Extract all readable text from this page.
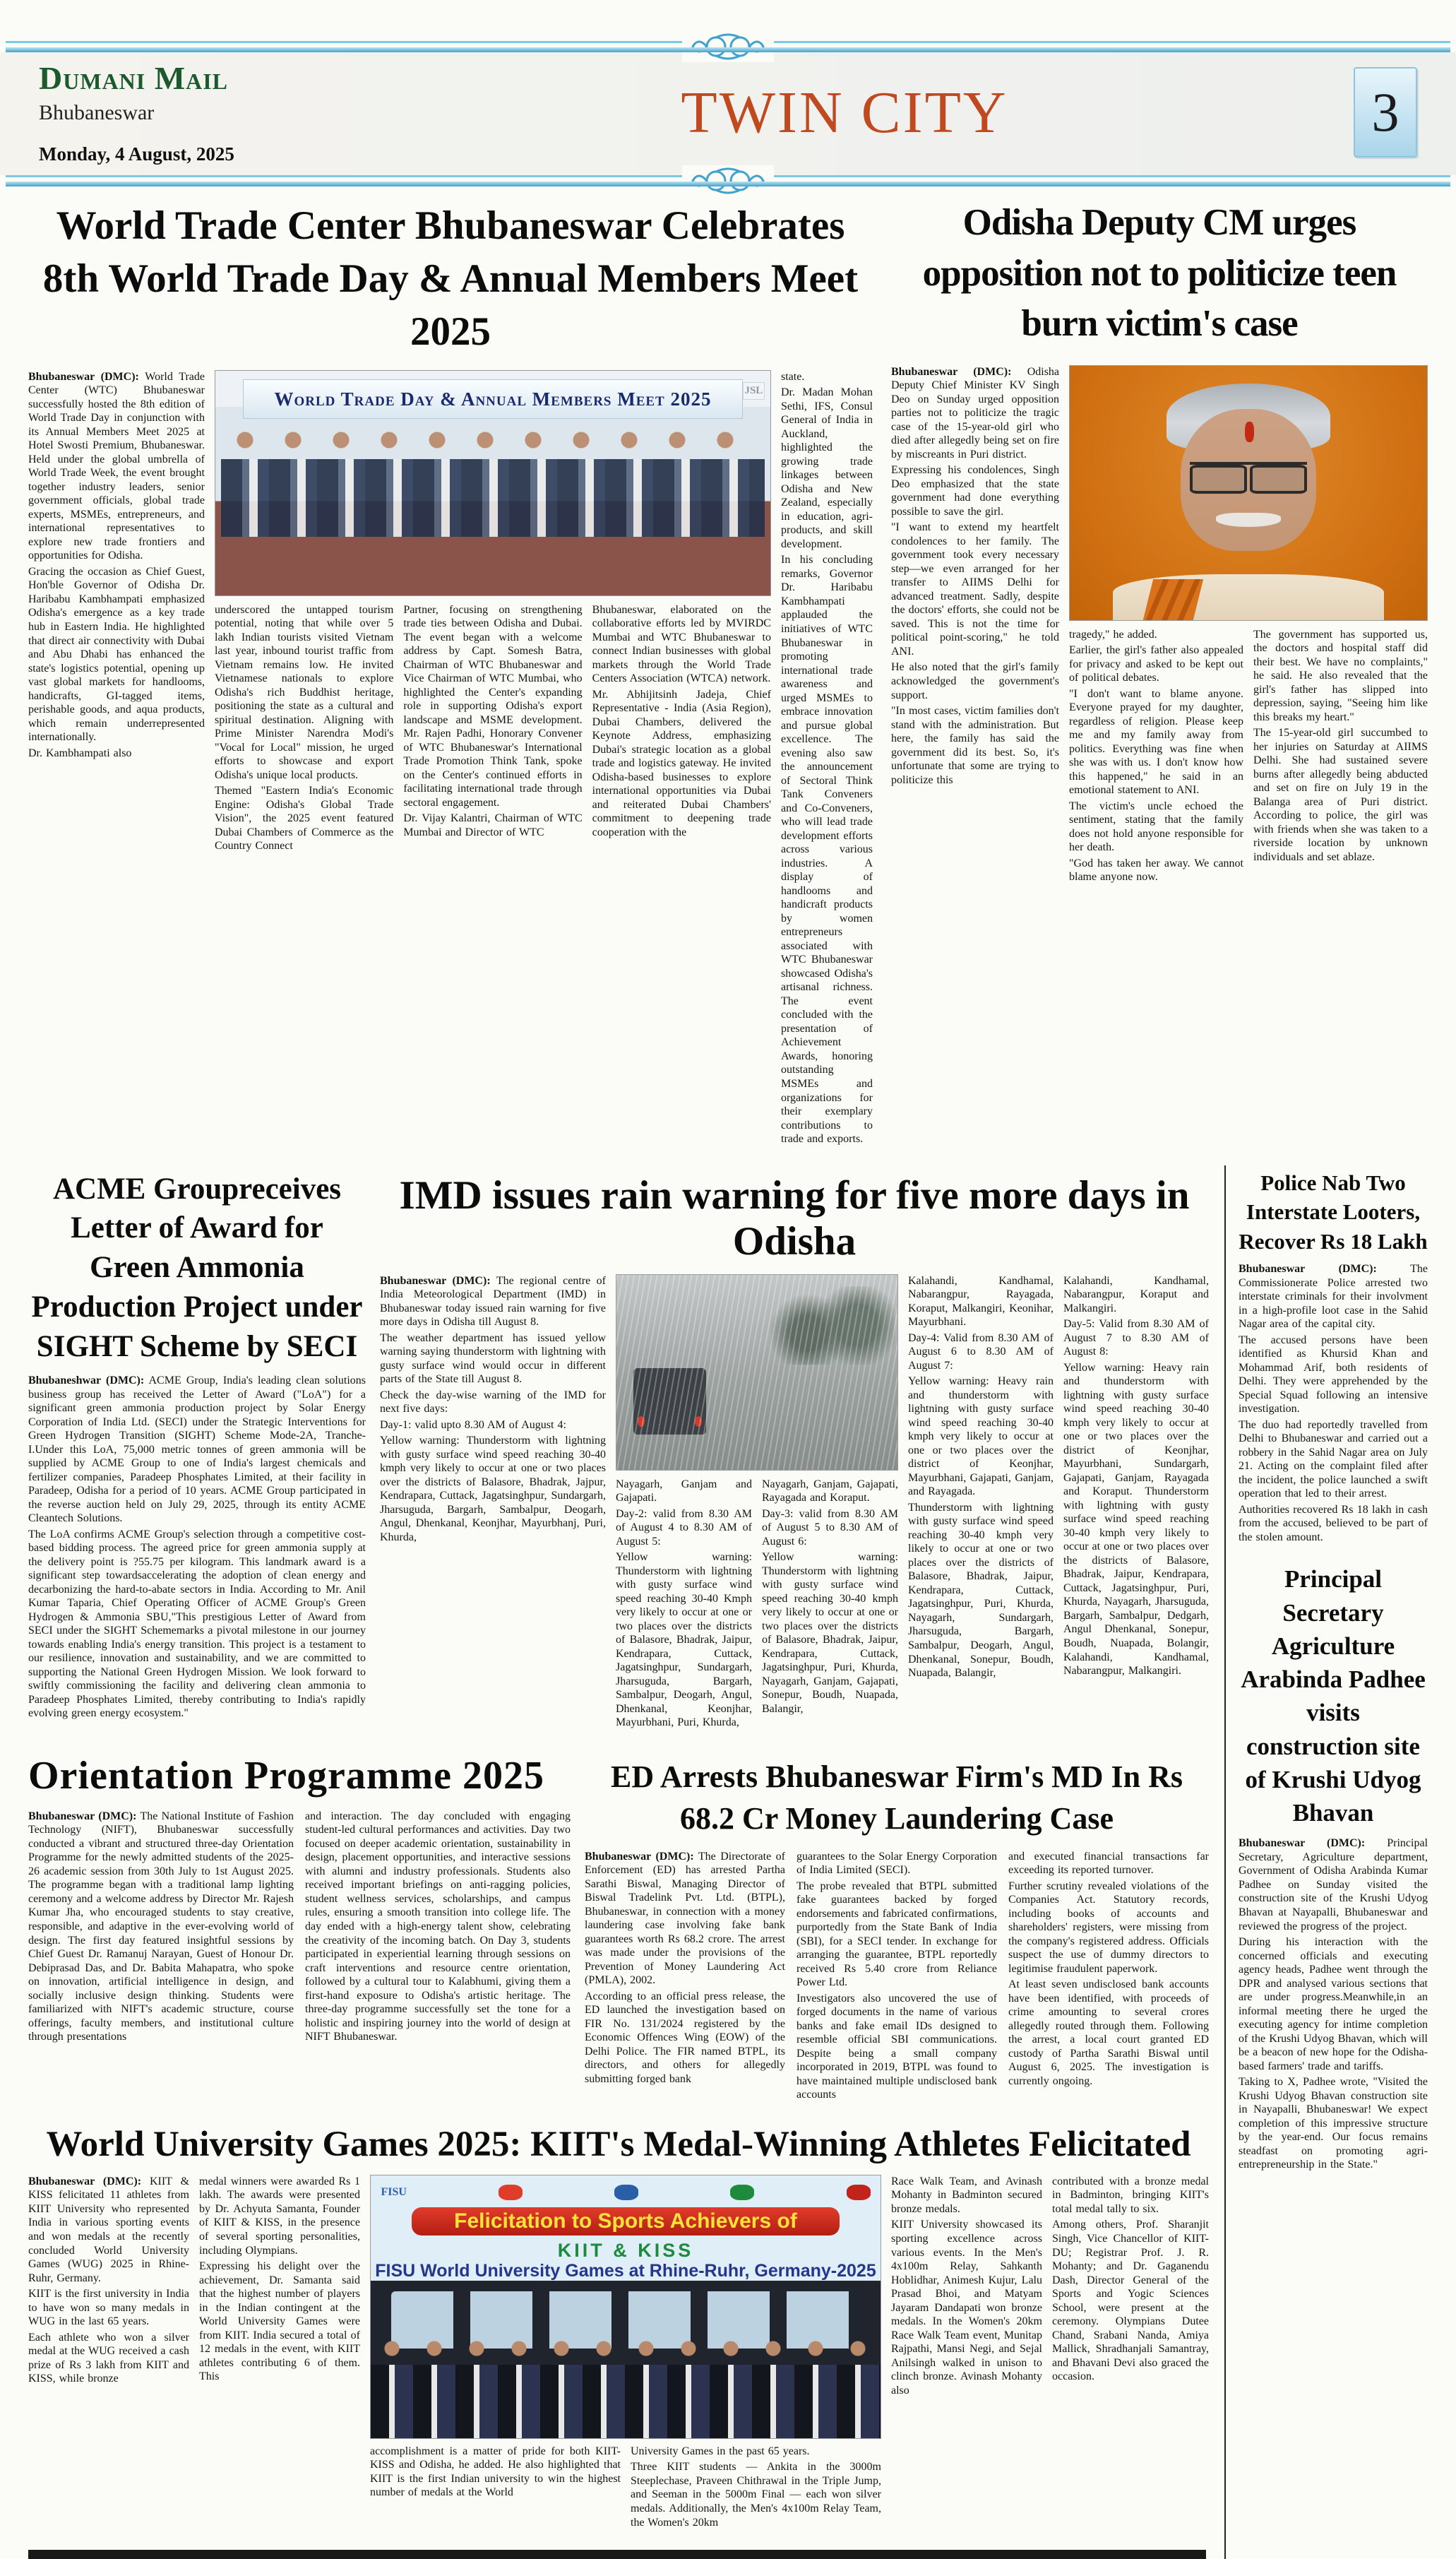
Dumani Mail
Bhubaneswar
Monday, 4 August, 2025
TWIN CITY	3
World Trade Center Bhubaneswar Celebrates 8th World Trade Day & Annual Members Meet 2025

Bhubaneswar (DMC): World Trade Center (WTC) Bhubaneswar successfully hosted the 8th edition of World Trade Day in conjunction with its Annual Members Meet 2025 at Hotel Swosti Premium, Bhubaneswar. Held under the global umbrella of World Trade Week, the event brought together industry leaders, senior government officials, global trade experts, MSMEs, entrepreneurs, and international representatives to explore new trade frontiers and opportunities for Odisha.

Gracing the occasion as Chief Guest, Hon'ble Governor of Odisha Dr. Haribabu Kambhampati emphasized Odisha's emergence as a key trade hub in Eastern India. He highlighted that direct air connectivity with Dubai and Abu Dhabi has enhanced the state's logistics potential, opening up vast global markets for handlooms, handicrafts, GI-tagged items, perishable goods, and aqua products, which remain underrepresented internationally.

Dr. Kambhampati also

World Trade Day & Annual Members Meet 2025	JSL

underscored the untapped tourism potential, noting that while over 5 lakh Indian tourists visited Vietnam last year, inbound tourist traffic from Vietnam remains low. He invited Vietnamese nationals to explore Odisha's rich Buddhist heritage, positioning the state as a cultural and spiritual destination. Aligning with Prime Minister Narendra Modi's "Vocal for Local" mission, he urged efforts to showcase and export Odisha's unique local products.

Themed "Eastern India's Economic Engine: Odisha's Global Trade Vision", the 2025 event featured Dubai Chambers of Commerce as the Country Connect

Partner, focusing on strengthening trade ties between Odisha and Dubai. The event began with a welcome address by Capt. Somesh Batra, Chairman of WTC Bhubaneswar and Vice Chairman of WTC Mumbai, who highlighted the Center's expanding role in supporting Odisha's export landscape and MSME development. Mr. Rajen Padhi, Honorary Convener of WTC Bhubaneswar's International Trade Promotion Think Tank, spoke on the Center's continued efforts in facilitating international trade through sectoral engagement.

Dr. Vijay Kalantri, Chairman of WTC Mumbai and Director of WTC

Bhubaneswar, elaborated on the collaborative efforts led by MVIRDC Mumbai and WTC Bhubaneswar to connect Indian businesses with global markets through the World Trade Centers Association (WTCA) network.

Mr. Abhijitsinh Jadeja, Chief Representative - India (Asia Region), Dubai Chambers, delivered the Keynote Address, emphasizing Dubai's strategic location as a global trade and logistics gateway. He invited Odisha-based businesses to explore international opportunities via Dubai and reiterated Dubai Chambers' commitment to deepening trade cooperation with the

state.

Dr. Madan Mohan Sethi, IFS, Consul General of India in Auckland, highlighted the growing trade linkages between Odisha and New Zealand, especially in education, agri-products, and skill development.

In his concluding remarks, Governor Dr. Haribabu Kambhampati applauded the initiatives of WTC Bhubaneswar in promoting international trade awareness and urged MSMEs to embrace innovation and pursue global excellence. The evening also saw the announcement of Sectoral Think Tank Conveners and Co-Conveners, who will lead trade development efforts across various industries. A display of handlooms and handicraft products by women entrepreneurs associated with WTC Bhubaneswar showcased Odisha's artisanal richness. The event concluded with the presentation of Achievement Awards, honoring outstanding MSMEs and organizations for their exemplary contributions to trade and exports.

Odisha Deputy CM urges opposition not to politicize teen burn victim's case

Bhubaneswar (DMC): Odisha Deputy Chief Minister KV Singh Deo on Sunday urged opposition parties not to politicize the tragic case of the 15-year-old girl who died after allegedly being set on fire by miscreants in Puri district.

Expressing his condolences, Singh Deo emphasized that the state government had done everything possible to save the girl.

"I want to extend my heartfelt condolences to her family. The government took every necessary step—we even arranged for her transfer to AIIMS Delhi for advanced treatment. Sadly, despite the doctors' efforts, she could not be saved. This is not the time for political point-scoring," he told ANI.

He also noted that the girl's family acknowledged the government's support.

"In most cases, victim families don't stand with the administration. But here, the family has said the government did its best. So, it's unfortunate that some are trying to politicize this

tragedy," he added.

Earlier, the girl's father also appealed for privacy and asked to be kept out of political debates.

"I don't want to blame anyone. Everyone prayed for my daughter, regardless of religion. Please keep me and my family away from politics. Everything was fine when she was with us. I don't know how this happened," he said in an emotional statement to ANI.

The victim's uncle echoed the sentiment, stating that the family does not hold anyone responsible for her death.

"God has taken her away. We cannot blame anyone now.

The government has supported us, the doctors and hospital staff did their best. We have no complaints," he said. He also revealed that the girl's father has slipped into depression, saying, "Seeing him like this breaks my heart."

The 15-year-old girl succumbed to her injuries on Saturday at AIIMS Delhi. She had sustained severe burns after allegedly being abducted and set on fire on July 19 in the Balanga area of Puri district. According to police, the girl was with friends when she was taken to a riverside location by unknown individuals and set ablaze.

ACME Groupreceives Letter of Award for Green Ammonia Production Project under SIGHT Scheme by SECI

Bhubaneshwar (DMC): ACME Group, India's leading clean solutions business group has received the Letter of Award ("LoA") for a significant green ammonia production project by Solar Energy Corporation of India Ltd. (SECI) under the Strategic Interventions for Green Hydrogen Transition (SIGHT) Scheme Mode-2A, Tranche-I.Under this LoA, 75,000 metric tonnes of green ammonia will be supplied by ACME Group to one of India's largest chemicals and fertilizer companies, Paradeep Phosphates Limited, at their facility in Paradeep, Odisha for a period of 10 years. ACME Group participated in the reverse auction held on July 29, 2025, through its entity ACME Cleantech Solutions.

The LoA confirms ACME Group's selection through a competitive cost-based bidding process. The agreed price for green ammonia supply at the delivery point is ?55.75 per kilogram. This landmark award is a significant step towardsaccelerating the adoption of clean energy and decarbonizing the hard-to-abate sectors in India. According to Mr. Anil Kumar Taparia, Chief Operating Officer of ACME Group's Green Hydrogen & Ammonia SBU,"This prestigious Letter of Award from SECI under the SIGHT Schememarks a pivotal milestone in our journey towards enabling India's energy transition. This project is a testament to our resilience, innovation and sustainability, and we are committed to supporting the National Green Hydrogen Mission. We look forward to swiftly commissioning the facility and delivering clean ammonia to Paradeep Phosphates Limited, thereby contributing to India's rapidly evolving green energy ecosystem."

IMD issues rain warning for five more days in Odisha

Bhubaneswar (DMC): The regional centre of India Meteorological Department (IMD) in Bhubaneswar today issued rain warning for five more days in Odisha till August 8.

The weather department has issued yellow warning saying thunderstorm with lightning with gusty surface wind would occur in different parts of the State till August 8.

Check the day-wise warning of the IMD for next five days:

Day-1: valid upto 8.30 AM of August 4:

Yellow warning: Thunderstorm with lightning with gusty surface wind speed reaching 30-40 kmph very likely to occur at one or two places over the districts of Balasore, Bhadrak, Jajpur, Kendrapara, Cuttack, Jagatsinghpur, Sundargarh, Jharsuguda, Bargarh, Sambalpur, Deogarh, Angul, Dhenkanal, Keonjhar, Mayurbhanj, Puri, Khurda,

Nayagarh, Ganjam and Gajapati.

Day-2: valid from 8.30 AM of August 4 to 8.30 AM of August 5:

Yellow warning: Thunderstorm with lightning with gusty surface wind speed reaching 30-40 Kmph very likely to occur at one or two places over the districts of Balasore, Bhadrak, Jaipur, Kendrapara, Cuttack, Jagatsinghpur, Sundargarh, Jharsuguda, Bargarh, Sambalpur, Deogarh, Angul, Dhenkanal, Keonjhar, Mayurbhani, Puri, Khurda,

Nayagarh, Ganjam, Gajapati, Rayagada and Koraput.

Day-3: valid from 8.30 AM of August 5 to 8.30 AM of August 6:

Yellow warning: Thunderstorm with lightning with gusty surface wind speed reaching 30-40 kmph very likely to occur at one or two places over the districts of Balasore, Bhadrak, Jaipur, Kendrapara, Cuttack, Jagatsinghpur, Puri, Khurda, Nayagarh, Ganjam, Gajapati, Sonepur, Boudh, Nuapada, Balangir,

Kalahandi, Kandhamal, Nabarangpur, Rayagada, Koraput, Malkangiri, Keonihar, Mayurbhani.

Day-4: Valid from 8.30 AM of August 6 to 8.30 AM of August 7:

Yellow warning: Heavy rain and thunderstorm with lightning with gusty surface wind speed reaching 30-40 kmph very likely to occur at one or two places over the district of Keonjhar, Mayurbhani, Gajapati, Ganjam, and Rayagada.

Thunderstorm with lightning with gusty surface wind speed reaching 30-40 kmph very likely to occur at one or two places over the districts of Balasore, Bhadrak, Jaipur, Kendrapara, Cuttack, Jagatsinghpur, Puri, Khurda, Nayagarh, Sundargarh, Jharsuguda, Bargarh, Sambalpur, Deogarh, Angul, Dhenkanal, Sonepur, Boudh, Nuapada, Balangir,

Kalahandi, Kandhamal, Nabarangpur, Koraput and Malkangiri.

Day-5: Valid from 8.30 AM of August 7 to 8.30 AM of August 8:

Yellow warning: Heavy rain and thunderstorm with lightning with gusty surface wind speed reaching 30-40 kmph very likely to occur at one or two places over the district of Keonjhar, Mayurbhani, Sundargarh, Gajapati, Ganjam, Rayagada and Koraput. Thunderstorm with lightning with gusty surface wind speed reaching 30-40 kmph very likely to occur at one or two places over the districts of Balasore, Bhadrak, Jaipur, Kendrapara, Cuttack, Jagatsinghpur, Puri, Khurda, Nayagarh, Jharsuguda, Bargarh, Sambalpur, Dedgarh, Angul Dhenkanal, Sonepur, Boudh, Nuapada, Bolangir, Kalahandi, Kandhamal, Nabarangpur, Malkangiri.

Orientation Programme 2025

Bhubaneswar (DMC): The National Institute of Fashion Technology (NIFT), Bhubaneswar successfully conducted a vibrant and structured three-day Orientation Programme for the newly admitted students of the 2025-26 academic session from 30th July to 1st August 2025. The programme began with a traditional lamp lighting ceremony and a welcome address by Director Mr. Rajesh Kumar Jha, who encouraged students to stay creative, responsible, and adaptive in the ever-evolving world of design. The first day featured insightful sessions by Chief Guest Dr. Ramanuj Narayan, Guest of Honour Dr. Debiprasad Das, and Dr. Babita Mahapatra, who spoke on innovation, artificial intelligence in design, and socially inclusive design thinking. Students were familiarized with NIFT's academic structure, course offerings, faculty members, and institutional culture through presentations

and interaction. The day concluded with engaging student-led cultural performances and activities. Day two focused on deeper academic orientation, sustainability in design, placement opportunities, and interactive sessions with alumni and industry professionals. Students also received important briefings on anti-ragging policies, student wellness services, scholarships, and campus rules, ensuring a smooth transition into college life. The day ended with a high-energy talent show, celebrating the creativity of the incoming batch. On Day 3, students participated in experiential learning through sessions on craft interventions and resource centre orientation, followed by a cultural tour to Kalabhumi, giving them a first-hand exposure to Odisha's artistic heritage. The three-day programme successfully set the tone for a holistic and inspiring journey into the world of design at NIFT Bhubaneswar.

ED Arrests Bhubaneswar Firm's MD In Rs 68.2 Cr Money Laundering Case

Bhubaneswar (DMC): The Directorate of Enforcement (ED) has arrested Partha Sarathi Biswal, Managing Director of Biswal Tradelink Pvt. Ltd. (BTPL), Bhubaneswar, in connection with a money laundering case involving fake bank guarantees worth Rs 68.2 crore. The arrest was made under the provisions of the Prevention of Money Laundering Act (PMLA), 2002.

According to an official press release, the ED launched the investigation based on FIR No. 131/2024 registered by the Economic Offences Wing (EOW) of the Delhi Police. The FIR named BTPL, its directors, and others for allegedly submitting forged bank

guarantees to the Solar Energy Corporation of India Limited (SECI).

The probe revealed that BTPL submitted fake guarantees backed by forged endorsements and fabricated confirmations, purportedly from the State Bank of India (SBI), for a SECI tender. In exchange for arranging the guarantee, BTPL reportedly received Rs 5.40 crore from Reliance Power Ltd.

Investigators also uncovered the use of forged documents in the name of various banks and fake email IDs designed to resemble official SBI communications. Despite being a small company incorporated in 2019, BTPL was found to have maintained multiple undisclosed bank accounts

and executed financial transactions far exceeding its reported turnover.

Further scrutiny revealed violations of the Companies Act. Statutory records, including books of accounts and shareholders' registers, were missing from the company's registered address. Officials suspect the use of dummy directors to legitimise fraudulent paperwork.

At least seven undisclosed bank accounts have been identified, with proceeds of crime amounting to several crores allegedly routed through them. Following the arrest, a local court granted ED custody of Partha Sarathi Biswal until August 6, 2025. The investigation is currently ongoing.

World University Games 2025: KIIT's Medal-Winning Athletes Felicitated

Bhubaneswar (DMC): KIIT & KISS felicitated 11 athletes from KIIT University who represented India in various sporting events and won medals at the recently concluded World University Games (WUG) 2025 in Rhine-Ruhr, Germany.

KIIT is the first university in India to have won so many medals in WUG in the last 65 years.

Each athlete who won a silver medal at the WUG received a cash prize of Rs 3 lakh from KIIT and KISS, while bronze

medal winners were awarded Rs 1 lakh. The awards were presented by Dr. Achyuta Samanta, Founder of KIIT & KISS, in the presence of several sporting personalities, including Olympians.

Expressing his delight over the achievement, Dr. Samanta said that the highest number of players in the Indian contingent at the World University Games were from KIIT. India secured a total of 12 medals in the event, with KIIT athletes contributing 6 of them. This

FISU
Felicitation to Sports Achievers of
KIIT & KISS
FISU World University Games at Rhine-Ruhr, Germany-2025

accomplishment is a matter of pride for both KIIT-KISS and Odisha, he added. He also highlighted that KIIT is the first Indian university to win the highest number of medals at the World

University Games in the past 65 years.

Three KIIT students — Ankita in the 3000m Steeplechase, Praveen Chithrawal in the Triple Jump, and Seeman in the 5000m Final — each won silver medals. Additionally, the Men's 4x100m Relay Team, the Women's 20km

Race Walk Team, and Avinash Mohanty in Badminton secured bronze medals.

KIIT University showcased its sporting excellence across various events. In the Men's 4x100m Relay, Sahkanth Hoblidhar, Animesh Kujur, Lalu Prasad Bhoi, and Matyam Jayaram Dandapati won bronze medals. In the Women's 20km Race Walk Team event, Munitap Rajpathi, Mansi Negi, and Sejal Anilsingh walked in unison to clinch bronze. Avinash Mohanty also

contributed with a bronze medal in Badminton, bringing KIIT's total medal tally to six.

Among others, Prof. Sharanjit Singh, Vice Chancellor of KIIT-DU; Registrar Prof. J. R. Mohanty; and Dr. Gaganendu Dash, Director General of the Sports and Yogic Sciences School, were present at the ceremony. Olympians Dutee Chand, Srabani Nanda, Amiya Mallick, Shradhanjali Samantray, and Bhavani Devi also graced the occasion.

Police Nab Two Interstate Looters, Recover Rs 18 Lakh

Bhubaneswar (DMC):	The Commissionerate Police arrested two interstate criminals for their involvment in a high-profile loot case in the Sahid Nagar area of the capital city.

The accused persons have been identified as Khursid Khan and Mohammad Arif, both residents of Delhi. They were apprehended by the Special Squad following an intensive investigation.

The duo had reportedly travelled from Delhi to Bhubaneswar and carried out a robbery in the Sahid Nagar area on July 21. Acting on the complaint filed after the incident, the police launched a swift operation that led to their arrest.

Authorities recovered Rs 18 lakh in cash from the accused, believed to be part of the stolen amount.

Principal Secretary Agriculture Arabinda Padhee visits construction site of Krushi Udyog Bhavan

Bhubaneswar (DMC): Principal Secretary, Agriculture department, Government of Odisha Arabinda Kumar Padhee on Sunday visited the construction site of the Krushi Udyog Bhavan at Nayapalli, Bhubaneswar and reviewed the progress of the project.

During his interaction with the concerned officials and executing agency heads, Padhee went through the DPR and analysed various sections that are under progress.Meanwhile,in an informal meeting there he urged the executing agency for intime completion of the Krushi Udyog Bhavan, which will be a beacon of new hope for the Odisha-based farmers' trade and tariffs.

Taking to X, Padhee wrote, "Visited the Krushi Udyog Bhavan construction site in Nayapalli, Bhubaneswar! We expect completion of this impressive structure by the year-end. Our focus remains steadfast on promoting agri-entrepreneurship in the State."
